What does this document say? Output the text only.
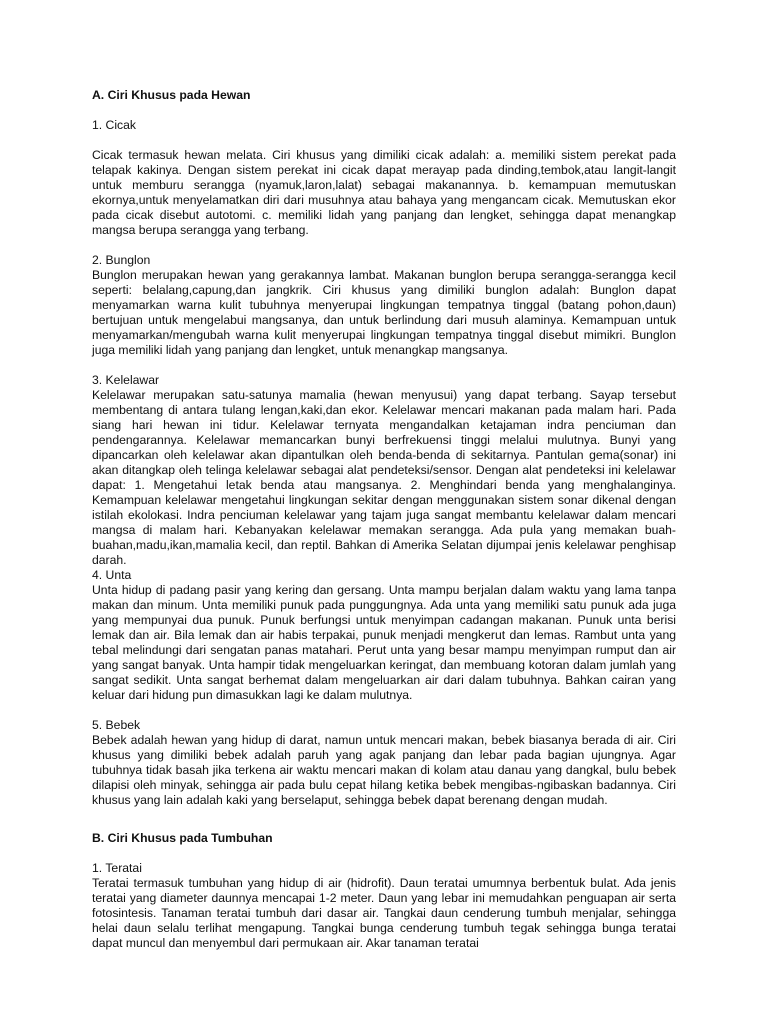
A. Ciri Khusus pada Hewan
1. Cicak

Cicak termasuk hewan melata. Ciri khusus yang dimiliki cicak adalah: a. memiliki sistem perekat pada telapak kakinya. Dengan sistem perekat ini cicak dapat merayap pada dinding,tembok,atau langit-langit untuk memburu serangga (nyamuk,laron,lalat) sebagai makanannya. b. kemampuan memutuskan ekornya,untuk menyelamatkan diri dari musuhnya atau bahaya yang mengancam cicak. Memutuskan ekor pada cicak disebut autotomi. c. memiliki lidah yang panjang dan lengket, sehingga dapat menangkap mangsa berupa serangga yang terbang.

2. Bunglon

Bunglon merupakan hewan yang gerakannya lambat. Makanan bunglon berupa serangga-serangga kecil seperti: belalang,capung,dan jangkrik. Ciri khusus yang dimiliki bunglon adalah: Bunglon dapat menyamarkan warna kulit tubuhnya menyerupai lingkungan tempatnya tinggal (batang pohon,daun) bertujuan untuk mengelabui mangsanya, dan untuk berlindung dari musuh alaminya. Kemampuan untuk menyamarkan/mengubah warna kulit menyerupai lingkungan tempatnya tinggal disebut mimikri. Bunglon juga memiliki lidah yang panjang dan lengket, untuk menangkap mangsanya.

3. Kelelawar

Kelelawar merupakan satu-satunya mamalia (hewan menyusui) yang dapat terbang. Sayap tersebut membentang di antara tulang lengan,kaki,dan ekor. Kelelawar mencari makanan pada malam hari. Pada siang hari hewan ini tidur. Kelelawar ternyata mengandalkan ketajaman indra penciuman dan pendengarannya. Kelelawar memancarkan bunyi berfrekuensi tinggi melalui mulutnya. Bunyi yang dipancarkan oleh kelelawar akan dipantulkan oleh benda-benda di sekitarnya. Pantulan gema(sonar) ini akan ditangkap oleh telinga kelelawar sebagai alat pendeteksi/sensor. Dengan alat pendeteksi ini kelelawar dapat: 1. Mengetahui letak benda atau mangsanya. 2. Menghindari benda yang menghalanginya. Kemampuan kelelawar mengetahui lingkungan sekitar dengan menggunakan sistem sonar dikenal dengan istilah ekolokasi. Indra penciuman kelelawar yang tajam juga sangat membantu kelelawar dalam mencari mangsa di malam hari. Kebanyakan kelelawar memakan serangga. Ada pula yang memakan buah-buahan,madu,ikan,mamalia kecil, dan reptil. Bahkan di Amerika Selatan dijumpai jenis kelelawar penghisap darah.

4. Unta

Unta hidup di padang pasir yang kering dan gersang. Unta mampu berjalan dalam waktu yang lama tanpa makan dan minum. Unta memiliki punuk pada punggungnya. Ada unta yang memiliki satu punuk ada juga yang mempunyai dua punuk. Punuk berfungsi untuk menyimpan cadangan makanan. Punuk unta berisi lemak dan air. Bila lemak dan air habis terpakai, punuk menjadi mengkerut dan lemas. Rambut unta yang tebal melindungi dari sengatan panas matahari. Perut unta yang besar mampu menyimpan rumput dan air yang sangat banyak. Unta hampir tidak mengeluarkan keringat, dan membuang kotoran dalam jumlah yang sangat sedikit. Unta sangat berhemat dalam mengeluarkan air dari dalam tubuhnya. Bahkan cairan yang keluar dari hidung pun dimasukkan lagi ke dalam mulutnya.

5. Bebek

Bebek adalah hewan yang hidup di darat, namun untuk mencari makan, bebek biasanya berada di air. Ciri khusus yang dimiliki bebek adalah paruh yang agak panjang dan lebar pada bagian ujungnya. Agar tubuhnya tidak basah jika terkena air waktu mencari makan di kolam atau danau yang dangkal, bulu bebek dilapisi oleh minyak, sehingga air pada bulu cepat hilang ketika bebek mengibas-ngibaskan badannya. Ciri khusus yang lain adalah kaki yang berselaput, sehingga bebek dapat berenang dengan mudah.

B. Ciri Khusus pada Tumbuhan
1. Teratai

Teratai termasuk tumbuhan yang hidup di air (hidrofit). Daun teratai umumnya berbentuk bulat. Ada jenis teratai yang diameter daunnya mencapai 1-2 meter. Daun yang lebar ini memudahkan penguapan air serta fotosintesis. Tanaman teratai tumbuh dari dasar air. Tangkai daun cenderung tumbuh menjalar, sehingga helai daun selalu terlihat mengapung. Tangkai bunga cenderung tumbuh tegak sehingga bunga teratai dapat muncul dan menyembul dari permukaan air. Akar tanaman teratai
